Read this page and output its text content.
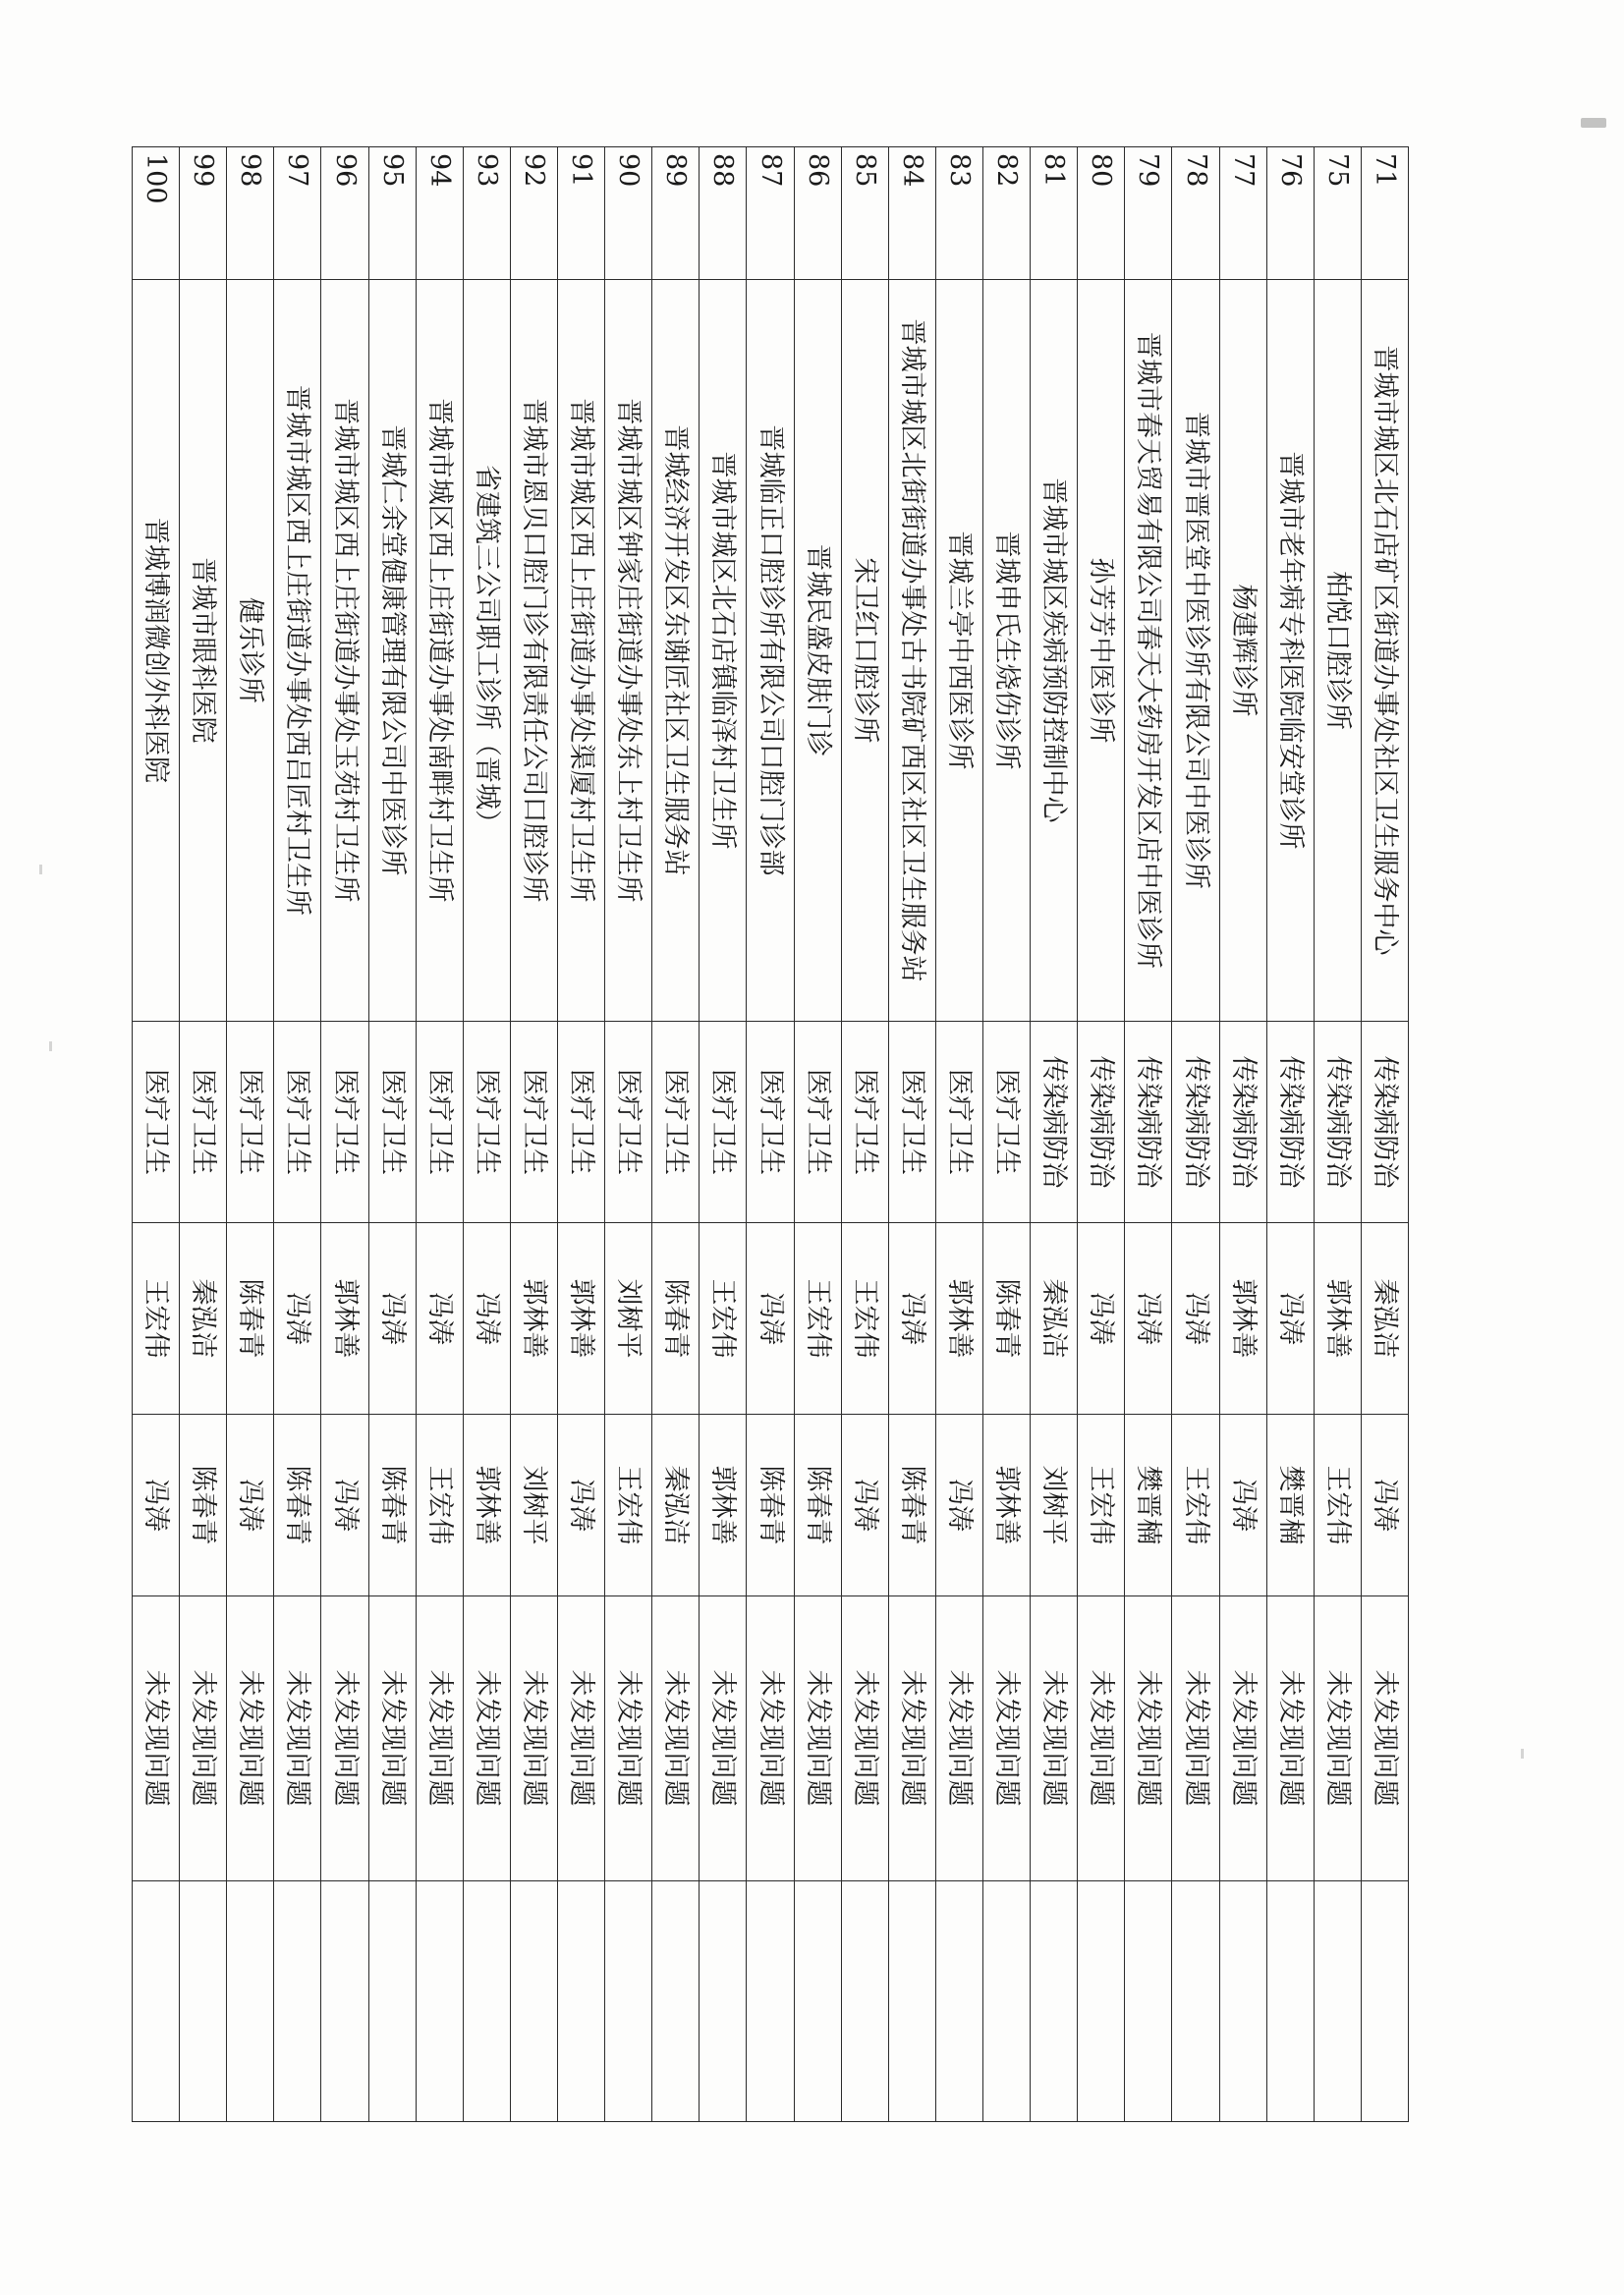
71	晋城市城区北石店矿区街道办事处社区卫生服务中心	传染病防治	秦泓洁	冯涛	未发现问题	
75	柏悦口腔诊所	传染病防治	郭林善	王宏伟	未发现问题	
76	晋城市老年病专科医院临安堂诊所	传染病防治	冯涛	樊晋楠	未发现问题	
77	杨建辉诊所	传染病防治	郭林善	冯涛	未发现问题	
78	晋城市晋医堂中医诊所有限公司中医诊所	传染病防治	冯涛	王宏伟	未发现问题	
79	晋城市春天贸易有限公司春天大药房开发区店中医诊所	传染病防治	冯涛	樊晋楠	未发现问题	
80	孙芳芳中医诊所	传染病防治	冯涛	王宏伟	未发现问题	
81	晋城市城区疾病预防控制中心	传染病防治	秦泓洁	刘树平	未发现问题	
82	晋城申氏生烧伤诊所	医疗卫生	陈春青	郭林善	未发现问题	
83	晋城兰亭中西医诊所	医疗卫生	郭林善	冯涛	未发现问题	
84	晋城市城区北街街道办事处古书院矿西区社区卫生服务站	医疗卫生	冯涛	陈春青	未发现问题	
85	宋卫红口腔诊所	医疗卫生	王宏伟	冯涛	未发现问题	
86	晋城民盛皮肤门诊	医疗卫生	王宏伟	陈春青	未发现问题	
87	晋城临正口腔诊所有限公司口腔门诊部	医疗卫生	冯涛	陈春青	未发现问题	
88	晋城市城区北石店镇临泽村卫生所	医疗卫生	王宏伟	郭林善	未发现问题	
89	晋城经济开发区东谢匠社区卫生服务站	医疗卫生	陈春青	秦泓洁	未发现问题	
90	晋城市城区钟家庄街道办事处东上村卫生所	医疗卫生	刘树平	王宏伟	未发现问题	
91	晋城市城区西上庄街道办事处渠厦村卫生所	医疗卫生	郭林善	冯涛	未发现问题	
92	晋城市恩贝口腔门诊有限责任公司口腔诊所	医疗卫生	郭林善	刘树平	未发现问题	
93	省建筑三公司职工诊所（晋城）	医疗卫生	冯涛	郭林善	未发现问题	
94	晋城市城区西上庄街道办事处南畔村卫生所	医疗卫生	冯涛	王宏伟	未发现问题	
95	晋城仁余堂健康管理有限公司中医诊所	医疗卫生	冯涛	陈春青	未发现问题	
96	晋城市城区西上庄街道办事处玉苑村卫生所	医疗卫生	郭林善	冯涛	未发现问题	
97	晋城市城区西上庄街道办事处西吕匠村卫生所	医疗卫生	冯涛	陈春青	未发现问题	
98	健乐诊所	医疗卫生	陈春青	冯涛	未发现问题	
99	晋城市眼科医院	医疗卫生	秦泓洁	陈春青	未发现问题	
100	晋城博润微创外科医院	医疗卫生	王宏伟	冯涛	未发现问题	
